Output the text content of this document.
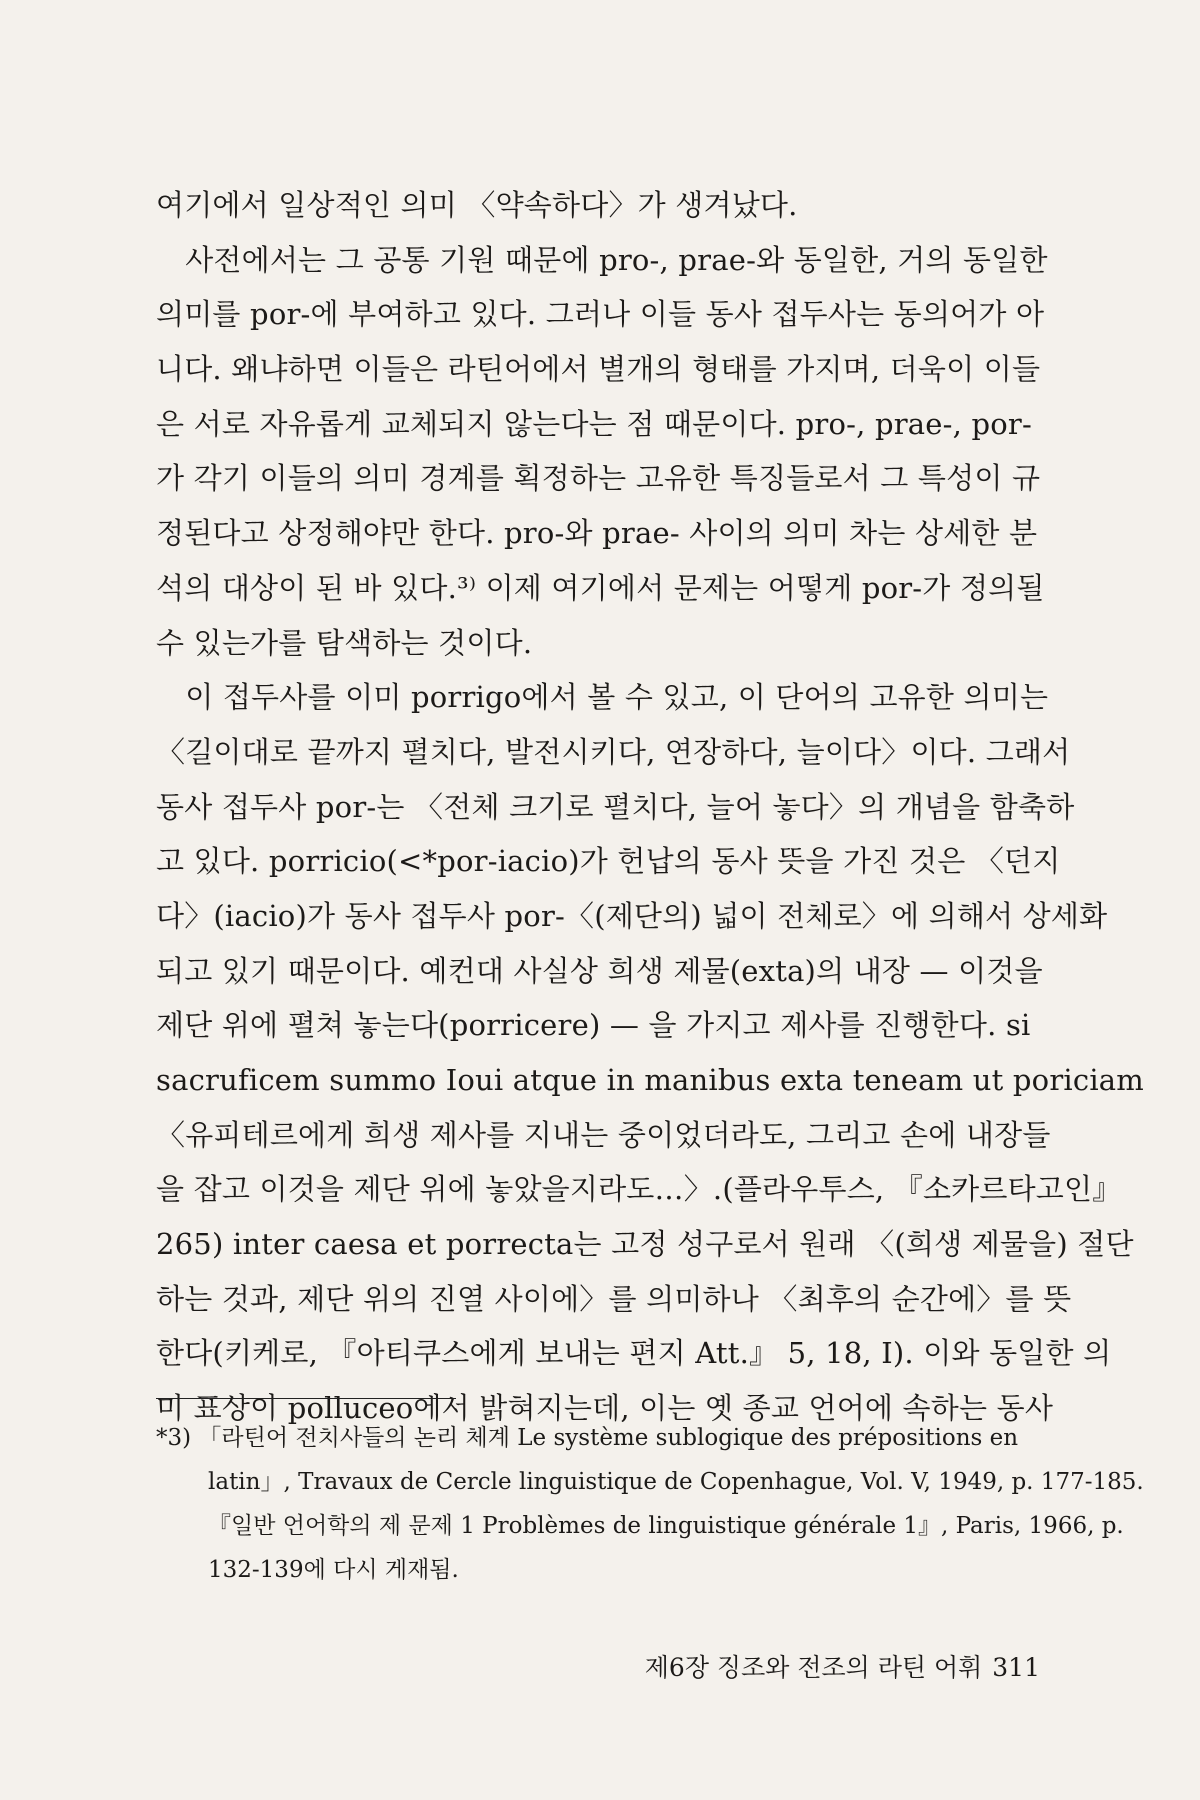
여기에서 일상적인 의미 〈약속하다〉가 생겨났다.
　사전에서는 그 공통 기원 때문에 pro-, prae-와 동일한, 거의 동일한
의미를 por-에 부여하고 있다. 그러나 이들 동사 접두사는 동의어가 아
니다. 왜냐하면 이들은 라틴어에서 별개의 형태를 가지며, 더욱이 이들
은 서로 자유롭게 교체되지 않는다는 점 때문이다. pro-, prae-, por-
가 각기 이들의 의미 경계를 획정하는 고유한 특징들로서 그 특성이 규
정된다고 상정해야만 한다. pro-와 prae- 사이의 의미 차는 상세한 분
석의 대상이 된 바 있다.³⁾ 이제 여기에서 문제는 어떻게 por-가 정의될
수 있는가를 탐색하는 것이다.
　이 접두사를 이미 porrigo에서 볼 수 있고, 이 단어의 고유한 의미는
〈길이대로 끝까지 펼치다, 발전시키다, 연장하다, 늘이다〉이다. 그래서
동사 접두사 por-는 〈전체 크기로 펼치다, 늘어 놓다〉의 개념을 함축하
고 있다. porricio(<*por-iacio)가 헌납의 동사 뜻을 가진 것은 〈던지
다〉(iacio)가 동사 접두사 por-〈(제단의) 넓이 전체로〉에 의해서 상세화
되고 있기 때문이다. 예컨대 사실상 희생 제물(exta)의 내장 — 이것을
제단 위에 펼쳐 놓는다(porricere) — 을 가지고 제사를 진행한다. si
sacruficem summo Ioui atque in manibus exta teneam ut poriciam
〈유피테르에게 희생 제사를 지내는 중이었더라도, 그리고 손에 내장들
을 잡고 이것을 제단 위에 놓았을지라도…〉.(플라우투스, 『소카르타고인』
265) inter caesa et porrecta는 고정 성구로서 원래 〈(희생 제물을) 절단
하는 것과, 제단 위의 진열 사이에〉를 의미하나 〈최후의 순간에〉를 뜻
한다(키케로, 『아티쿠스에게 보내는 편지 Att.』 5, 18, I). 이와 동일한 의
미 표상이 polluceo에서 밝혀지는데, 이는 옛 종교 언어에 속하는 동사
*3) 「라틴어 전치사들의 논리 체계 Le système sublogique des prépositions en
latin」, Travaux de Cercle linguistique de Copenhague, Vol. V, 1949, p. 177-185.
『일반 언어학의 제 문제 1 Problèmes de linguistique générale 1』, Paris, 1966, p.
132-139에 다시 게재됨.
제6장 징조와 전조의 라틴 어휘 311
